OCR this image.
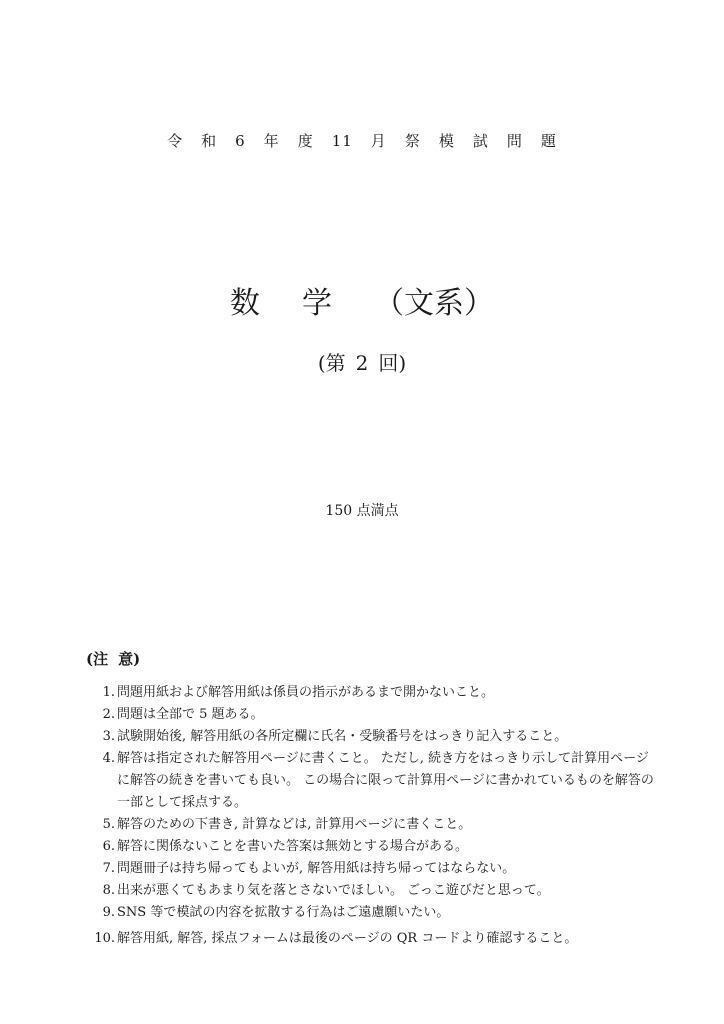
令 和 6 年 度 11 月 祭 模 試 問 題
数 学 （文系）
(第 2 回)
150 点満点
(注 意)
1. 問題用紙および解答用紙は係員の指示があるまで開かないこと。
2. 問題は全部で 5 題ある。
3. 試験開始後, 解答用紙の各所定欄に氏名・受験番号をはっきり記入すること。
4. 解答は指定された解答用ページに書くこと。 ただし, 続き方をはっきり示して計算用ページに解答の続きを書いても良い。 この場合に限って計算用ページに書かれているものを解答の一部として採点する。
5. 解答のための下書き, 計算などは, 計算用ページに書くこと。
6. 解答に関係ないことを書いた答案は無効とする場合がある。
7. 問題冊子は持ち帰ってもよいが, 解答用紙は持ち帰ってはならない。
8. 出来が悪くてもあまり気を落とさないでほしい。 ごっこ遊びだと思って。
9. SNS 等で模試の内容を拡散する行為はご遠慮願いたい。
10. 解答用紙, 解答, 採点フォームは最後のページの QR コードより確認すること。
